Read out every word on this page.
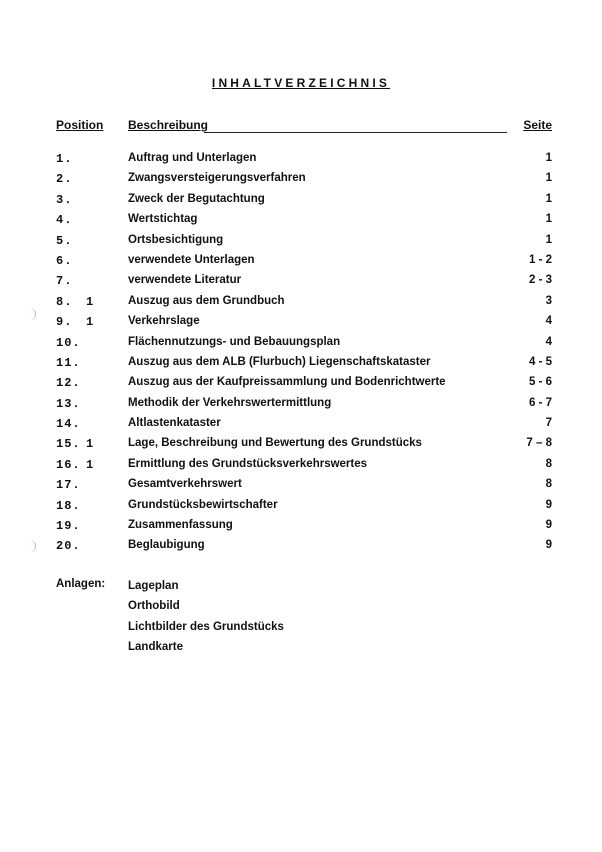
INHALTVERZEICHNIS
Position Beschreibung	Seite
1.	Auftrag und Unterlagen	1
2.	Zwangsversteigerungsverfahren	1
3.	Zweck der Begutachtung	1
4.	Wertstichtag	1
5.	Ortsbesichtigung	1
6.	verwendete Unterlagen	1 - 2
7.	verwendete Literatur	2 - 3
8. 1	Auszug aus dem Grundbuch	3
9. 1	Verkehrslage	4
10.	Flächennutzungs- und Bebauungsplan	4
11.	Auszug aus dem ALB (Flurbuch) Liegenschaftskataster	4 - 5
12.	Auszug aus der Kaufpreissammlung und Bodenrichtwerte	5 - 6
13.	Methodik der Verkehrswertermittlung	6 - 7
14.	Altlastenkataster	7
15. 1	Lage, Beschreibung und Bewertung des Grundstücks	7 – 8
16. 1	Ermittlung des Grundstücksverkehrswertes	8
17.	Gesamtverkehrswert	8
18.	Grundstücksbewirtschafter	9
19.	Zusammenfassung	9
20.	Beglaubigung	9
Anlagen: Lageplan
Orthobild
Lichtbilder des Grundstücks
Landkarte
